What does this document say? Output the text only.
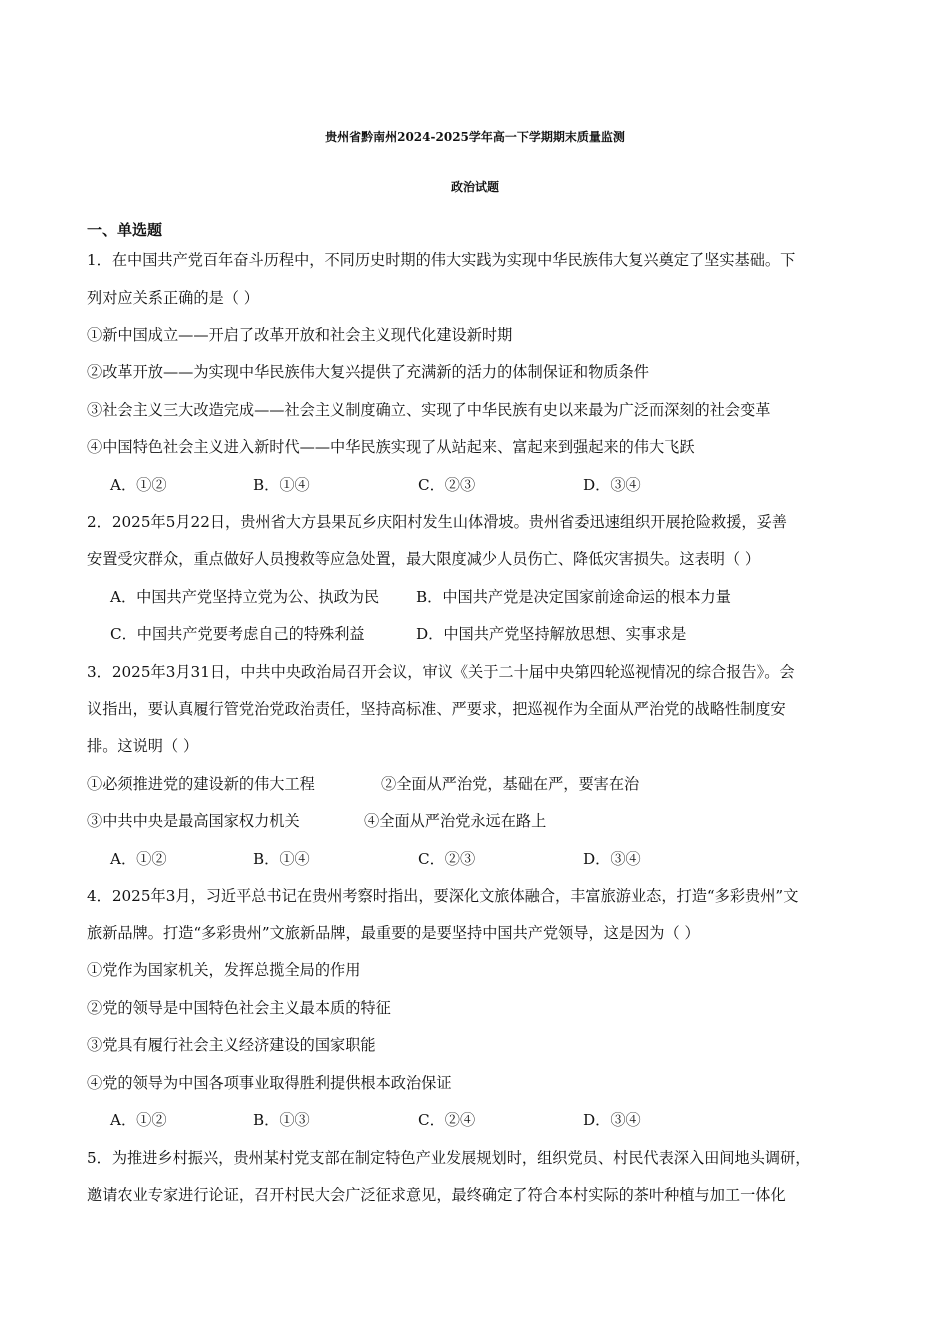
贵州省黔南州2024-2025学年高一下学期期末质量监测
政治试题
一、单选题
1．在中国共产党百年奋斗历程中，不同历史时期的伟大实践为实现中华民族伟大复兴奠定了坚实基础。下
列对应关系正确的是（ ）
①新中国成立——开启了改革开放和社会主义现代化建设新时期
②改革开放——为实现中华民族伟大复兴提供了充满新的活力的体制保证和物质条件
③社会主义三大改造完成——社会主义制度确立、实现了中华民族有史以来最为广泛而深刻的社会变革
④中国特色社会主义进入新时代——中华民族实现了从站起来、富起来到强起来的伟大飞跃
A．①②	B．①④	C．②③	D．③④
2．2025年5月22日，贵州省大方县果瓦乡庆阳村发生山体滑坡。贵州省委迅速组织开展抢险救援，妥善
安置受灾群众，重点做好人员搜救等应急处置，最大限度减少人员伤亡、降低灾害损失。这表明（ ）
A．中国共产党坚持立党为公、执政为民 B．中国共产党是决定国家前途命运的根本力量
C．中国共产党要考虑自己的特殊利益	D．中国共产党坚持解放思想、实事求是
3．2025年3月31日，中共中央政治局召开会议，审议《关于二十届中央第四轮巡视情况的综合报告》。会
议指出，要认真履行管党治党政治责任，坚持高标准、严要求，把巡视作为全面从严治党的战略性制度安
排。这说明（ ）
①必须推进党的建设新的伟大工程	②全面从严治党，基础在严，要害在治
③中共中央是最高国家权力机关	④全面从严治党永远在路上
A．①②	B．①④	C．②③	D．③④
4．2025年3月，习近平总书记在贵州考察时指出，要深化文旅体融合，丰富旅游业态，打造“多彩贵州”文
旅新品牌。打造“多彩贵州”文旅新品牌，最重要的是要坚持中国共产党领导，这是因为（ ）
①党作为国家机关，发挥总揽全局的作用
②党的领导是中国特色社会主义最本质的特征
③党具有履行社会主义经济建设的国家职能
④党的领导为中国各项事业取得胜利提供根本政治保证
A．①②	B．①③	C．②④	D．③④
5．为推进乡村振兴，贵州某村党支部在制定特色产业发展规划时，组织党员、村民代表深入田间地头调研，
邀请农业专家进行论证，召开村民大会广泛征求意见，最终确定了符合本村实际的茶叶种植与加工一体化
